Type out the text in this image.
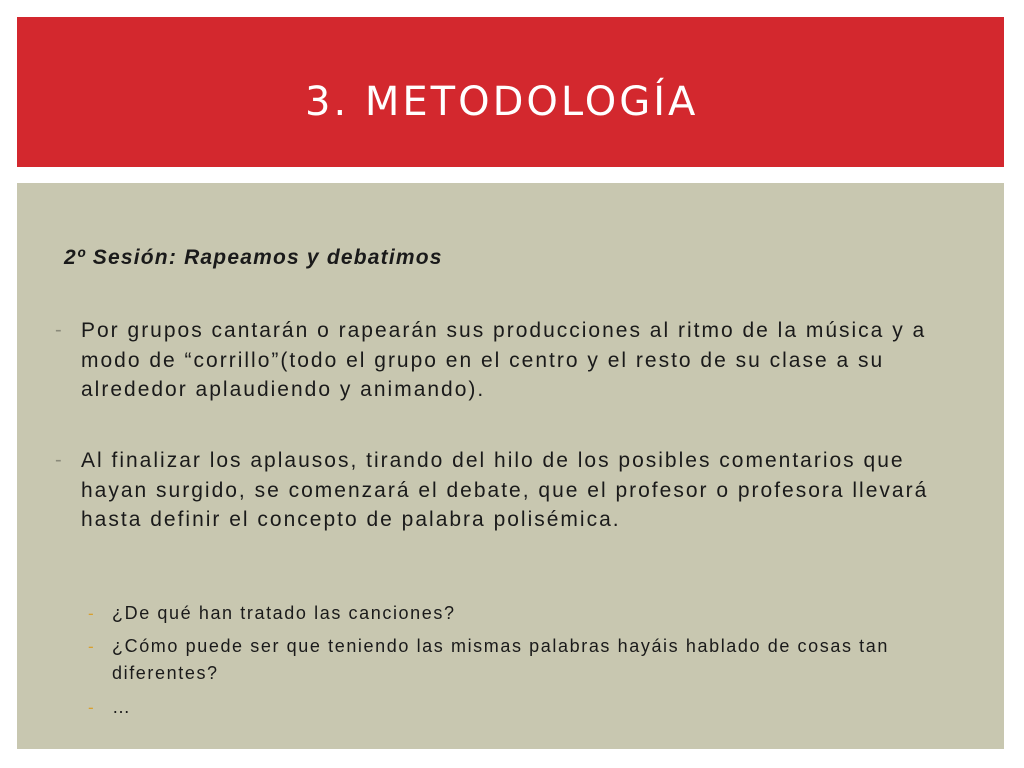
3. METODOLOGÍA
2º Sesión: Rapeamos y debatimos
- Por grupos cantarán o rapearán sus producciones al ritmo de la música y a modo de “corrillo”(todo el grupo en el centro y el resto de su clase a su alrededor aplaudiendo y animando).
- Al finalizar los aplausos, tirando del hilo de los posibles comentarios que hayan surgido, se comenzará el debate, que el profesor o profesora llevará hasta definir el concepto de palabra polisémica.
- ¿De qué han tratado las canciones?
- ¿Cómo puede ser que teniendo las mismas palabras hayáis hablado de cosas tan diferentes?
- …
